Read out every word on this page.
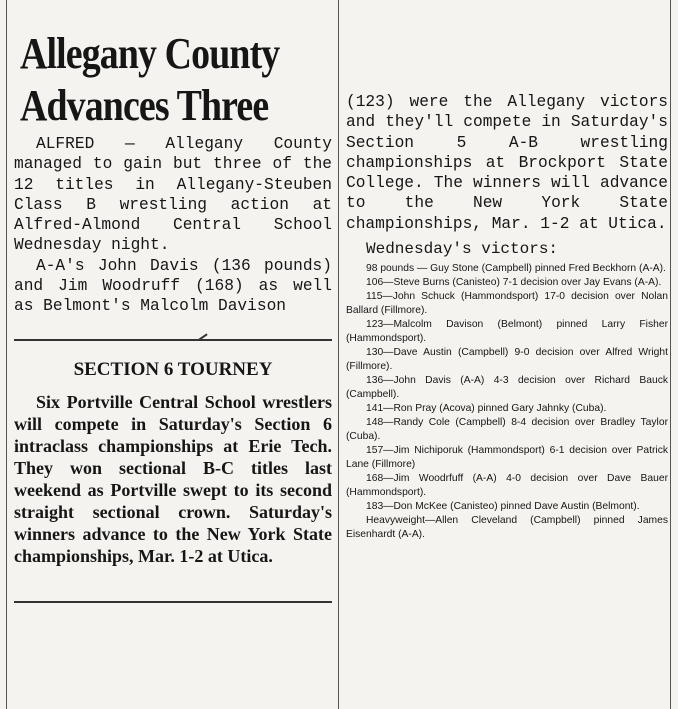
Allegany County
Advances Three

ALFRED — Allegany County managed to gain but three of the 12 titles in Allegany-Steuben Class B wrestling action at Alfred-Almond Central School Wednesday night.

A-A's John Davis (136 pounds) and Jim Woodruff (168) as well as Belmont's Malcolm Davison

SECTION 6 TOURNEY

Six Portville Central School wrestlers will compete in Saturday's Section 6 intraclass championships at Erie Tech. They won sectional B-C titles last weekend as Portville swept to its second straight sectional crown. Saturday's winners advance to the New York State championships, Mar. 1-2 at Utica.

(123) were the Allegany victors and they'll compete in Saturday's Section 5 A-B wrestling championships at Brockport State College. The winners will advance to the New York State championships, Mar. 1-2 at Utica.

Wednesday's victors:
98 pounds — Guy Stone (Campbell) pinned Fred Beckhorn (A-A).
106—Steve Burns (Canisteo) 7-1 decision over Jay Evans (A-A).
115—John Schuck (Hammondsport) 17-0 decision over Nolan Ballard (Fillmore).
123—Malcolm Davison (Belmont) pinned Larry Fisher (Hammondsport).
130—Dave Austin (Campbell) 9-0 decision over Alfred Wright (Fillmore).
136—John Davis (A-A) 4-3 decision over Richard Bauck (Campbell).
141—Ron Pray (Acova) pinned Gary Jahnky (Cuba).
148—Randy Cole (Campbell) 8-4 decision over Bradley Taylor (Cuba).
157—Jim Nichiporuk (Hammondsport) 6-1 decision over Patrick Lane (Fillmore)
168—Jim Woodrfuff (A-A) 4-0 decision over Dave Bauer (Hammondsport).
183—Don McKee (Canisteo) pinned Dave Austin (Belmont).
Heavyweight—Allen Cleveland (Campbell) pinned James Eisenhardt (A-A).
